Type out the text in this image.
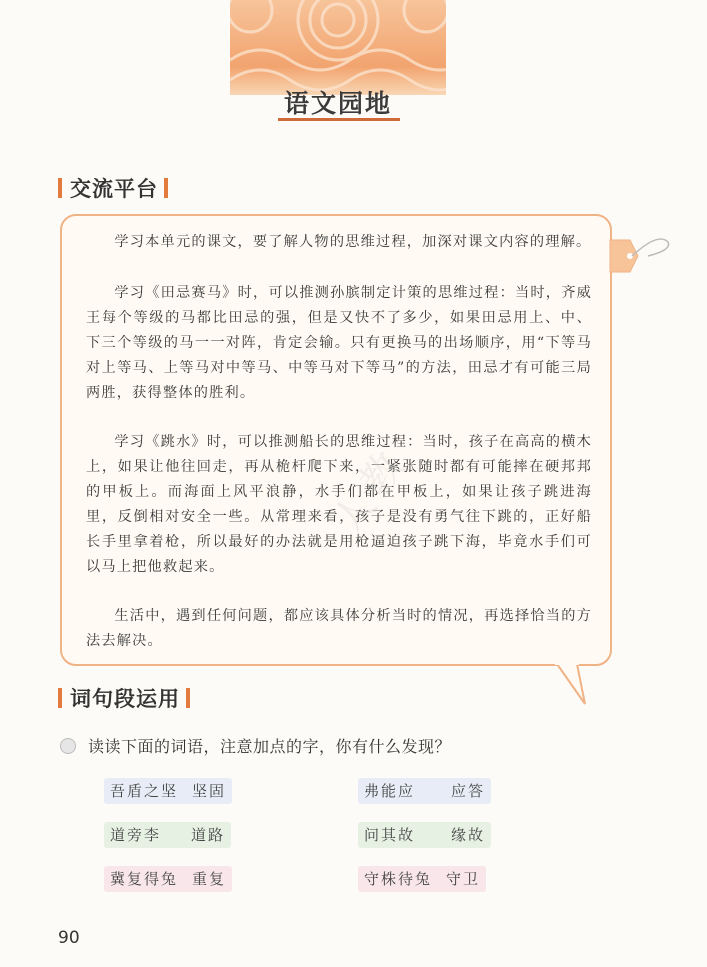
语文园地
交流平台
学习本单元的课文，要了解人物的思维过程，加深对课文内容的理解。
学习《田忌赛马》时，可以推测孙膑制定计策的思维过程：当时，齐威王每个等级的马都比田忌的强，但是又快不了多少，如果田忌用上、中、下三个等级的马一一对阵，肯定会输。只有更换马的出场顺序，用“下等马对上等马、上等马对中等马、中等马对下等马”的方法，田忌才有可能三局两胜，获得整体的胜利。
学习《跳水》时，可以推测船长的思维过程：当时，孩子在高高的横木上，如果让他往回走，再从桅杆爬下来，一紧张随时都有可能摔在硬邦邦的甲板上。而海面上风平浪静，水手们都在甲板上，如果让孩子跳进海里，反倒相对安全一些。从常理来看，孩子是没有勇气往下跳的，正好船长手里拿着枪，所以最好的办法就是用枪逼迫孩子跳下海，毕竟水手们可以马上把他救起来。
生活中，遇到任何问题，都应该具体分析当时的情况，再选择恰当的方法去解决。
人教
词句段运用
读读下面的词语，注意加点的字，你有什么发现？
吾盾之坚 坚固	弗能应 应答
道旁李 道路	问其故 缘故
冀复得兔 重复	守株待兔 守卫
90
